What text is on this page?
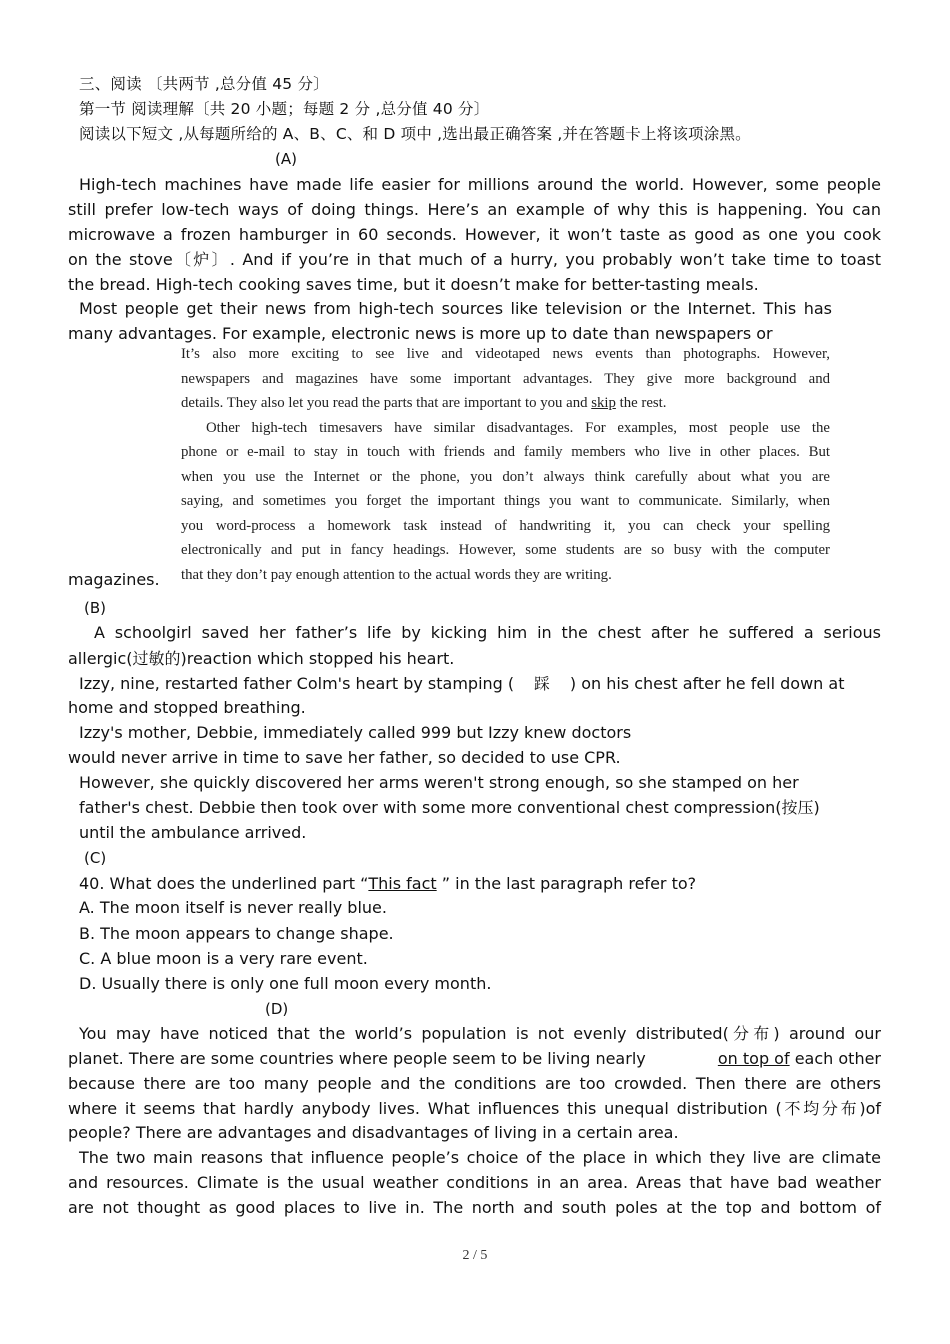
三、阅读 〔共两节 ,总分值 45 分〕
第一节 阅读理解〔共 20 小题；每题 2 分 ,总分值 40 分〕
阅读以下短文 ,从每题所给的 A、B、C、和 D 项中 ,选出最正确答案 ,并在答题卡上将该项涂黑。
(A)
High-tech machines have made life easier for millions around the world. However, some people
still prefer low-tech ways of doing things. Here’s an example of why this is happening. You can
microwave a frozen hamburger in 60 seconds. However, it won’t taste as good as one you cook
on the stove〔炉〕. And if you’re in that much of a hurry, you probably won’t take time to toast
the bread. High-tech cooking saves time, but it doesn’t make for better-tasting meals.
Most people get their news from high-tech sources like television or the Internet. This has
many advantages. For example, electronic news is more up to date than newspapers or
It’s also more exciting to see live and videotaped news events than photographs. However,
newspapers and magazines have some important advantages. They give more background and
details. They also let you read the parts that are important to you and skip the rest.
Other high-tech timesavers have similar disadvantages. For examples, most people use the
phone or e-mail to stay in touch with friends and family members who live in other places. But
when you use the Internet or the phone, you don’t always think carefully about what you are
saying, and sometimes you forget the important things you want to communicate. Similarly, when
you word-process a homework task instead of handwriting it, you can check your spelling
electronically and put in fancy headings. However, some students are so busy with the computer
that they don’t pay enough attention to the actual words they are writing.
magazines.
(B)
A schoolgirl saved her father’s life by kicking him in the chest after he suffered a serious
allergic(过敏的)reaction which stopped his heart.
Izzy, nine, restarted father Colm's heart by stamping ( 踩 ) on his chest after he fell down at
home and stopped breathing.
Izzy's mother, Debbie, immediately called 999 but Izzy knew doctors
would never arrive in time to save her father, so decided to use CPR.
However, she quickly discovered her arms weren't strong enough, so she stamped on her
father's chest. Debbie then took over with some more conventional chest compression(按压)
until the ambulance arrived.
(C)
40. What does the underlined part “This fact ” in the last paragraph refer to?
A. The moon itself is never really blue.
B. The moon appears to change shape.
C. A blue moon is a very rare event.
D. Usually there is only one full moon every month.
(D)
You may have noticed that the world’s population is not evenly distributed(分布) around our
planet. There are some countries where people seem to be living nearly	on top of each other
because there are too many people and the conditions are too crowded. Then there are others
where it seems that hardly anybody lives. What influences this unequal distribution (不均分布)of
people? There are advantages and disadvantages of living in a certain area.
The two main reasons that influence people’s choice of the place in which they live are climate
and resources. Climate is the usual weather conditions in an area. Areas that have bad weather
are not thought as good places to live in. The north and south poles at the top and bottom of
2 / 5
